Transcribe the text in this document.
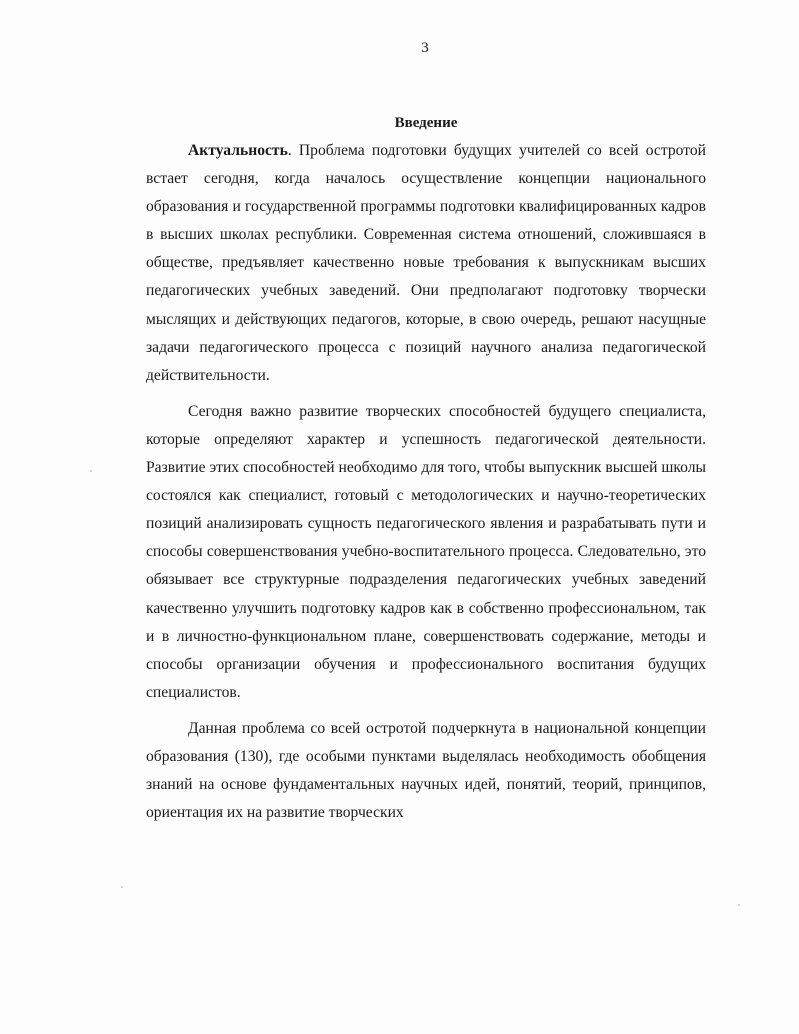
3
Введение

Актуальность. Проблема подготовки будущих учителей со всей остротой встает сегодня, когда началось осуществление концепции национального образования и государственной программы подготовки квалифицированных кадров в высших школах республики. Современная система отношений, сложившаяся в обществе, предъявляет качественно новые требования к выпускникам высших педагогических учебных заведений. Они предполагают подготовку творчески мыслящих и действующих педагогов, которые, в свою очередь, решают насущные задачи педагогического процесса с позиций научного анализа педагогической действительности.

Сегодня важно развитие творческих способностей будущего специалиста, которые определяют характер и успешность педагогической деятельности. Развитие этих способностей необходимо для того, чтобы выпускник высшей школы состоялся как специалист, готовый с методологических и научно-теоретических позиций анализировать сущность педагогического явления и разрабатывать пути и способы совершенствования учебно-воспитательного процесса. Следовательно, это обязывает все структурные подразделения педагогических учебных заведений качественно улучшить подготовку кадров как в собственно профессиональном, так и в личностно-функциональном плане, совершенствовать содержание, методы и способы организации обучения и профессионального воспитания будущих специалистов.

Данная проблема со всей остротой подчеркнута в национальной концепции образования (130), где особыми пунктами выделялась необходимость обобщения знаний на основе фундаментальных научных идей, понятий, теорий, принципов, ориентация их на развитие творческих
